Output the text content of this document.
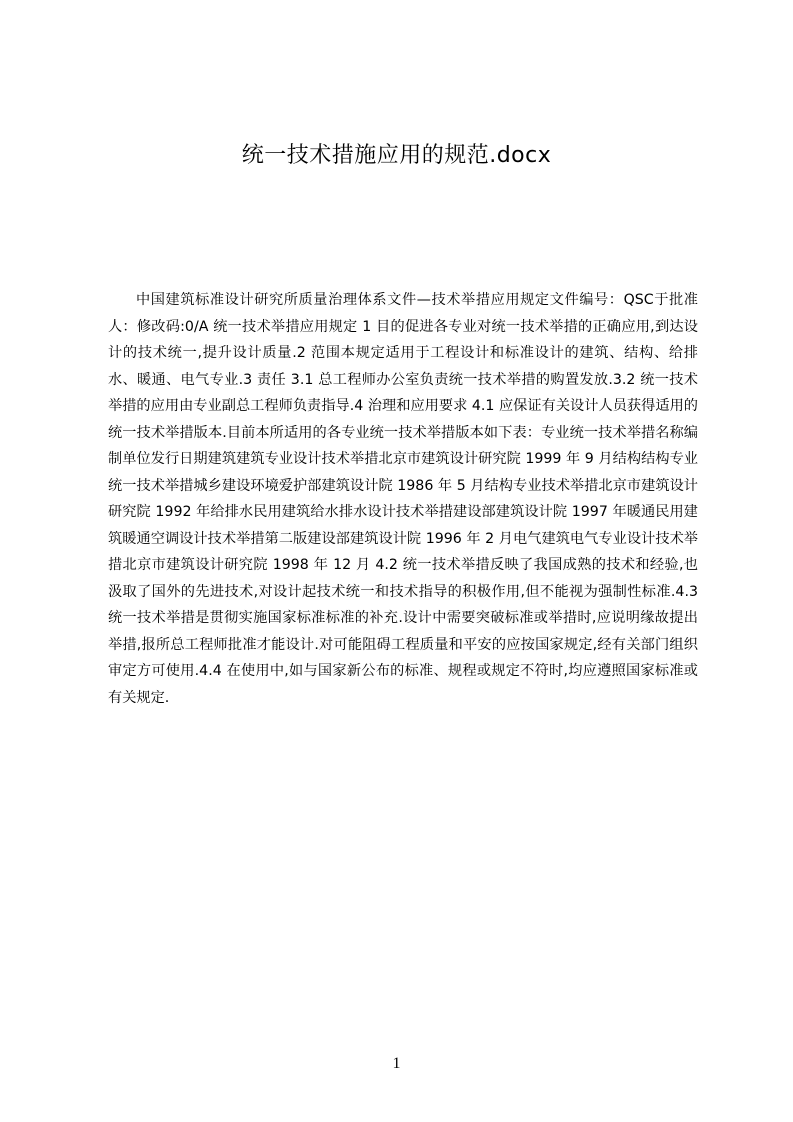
统一技术措施应用的规范.docx

中国建筑标准设计研究所质量治理体系文件—技术举措应用规定文件编号：QSC于批准人：修改码:0/A 统一技术举措应用规定 1 目的促进各专业对统一技术举措的正确应用,到达设计的技术统一,提升设计质量.2 范围本规定适用于工程设计和标准设计的建筑、结构、给排水、暖通、电气专业.3 责任 3.1 总工程师办公室负责统一技术举措的购置发放.3.2 统一技术举措的应用由专业副总工程师负责指导.4 治理和应用要求 4.1 应保证有关设计人员获得适用的统一技术举措版本.目前本所适用的各专业统一技术举措版本如下表：专业统一技术举措名称编制单位发行日期建筑建筑专业设计技术举措北京市建筑设计研究院 1999 年 9 月结构结构专业统一技术举措城乡建设环境爱护部建筑设计院 1986 年 5 月结构专业技术举措北京市建筑设计研究院 1992 年给排水民用建筑给水排水设计技术举措建设部建筑设计院 1997 年暖通民用建筑暖通空调设计技术举措第二版建设部建筑设计院 1996 年 2 月电气建筑电气专业设计技术举措北京市建筑设计研究院 1998 年 12 月 4.2 统一技术举措反映了我国成熟的技术和经验,也汲取了国外的先进技术,对设计起技术统一和技术指导的积极作用,但不能视为强制性标准.4.3 统一技术举措是贯彻实施国家标准标准的补充.设计中需要突破标准或举措时,应说明缘故提出举措,报所总工程师批准才能设计.对可能阻碍工程质量和平安的应按国家规定,经有关部门组织审定方可使用.4.4 在使用中,如与国家新公布的标准、规程或规定不符时,均应遵照国家标准或有关规定.

1
